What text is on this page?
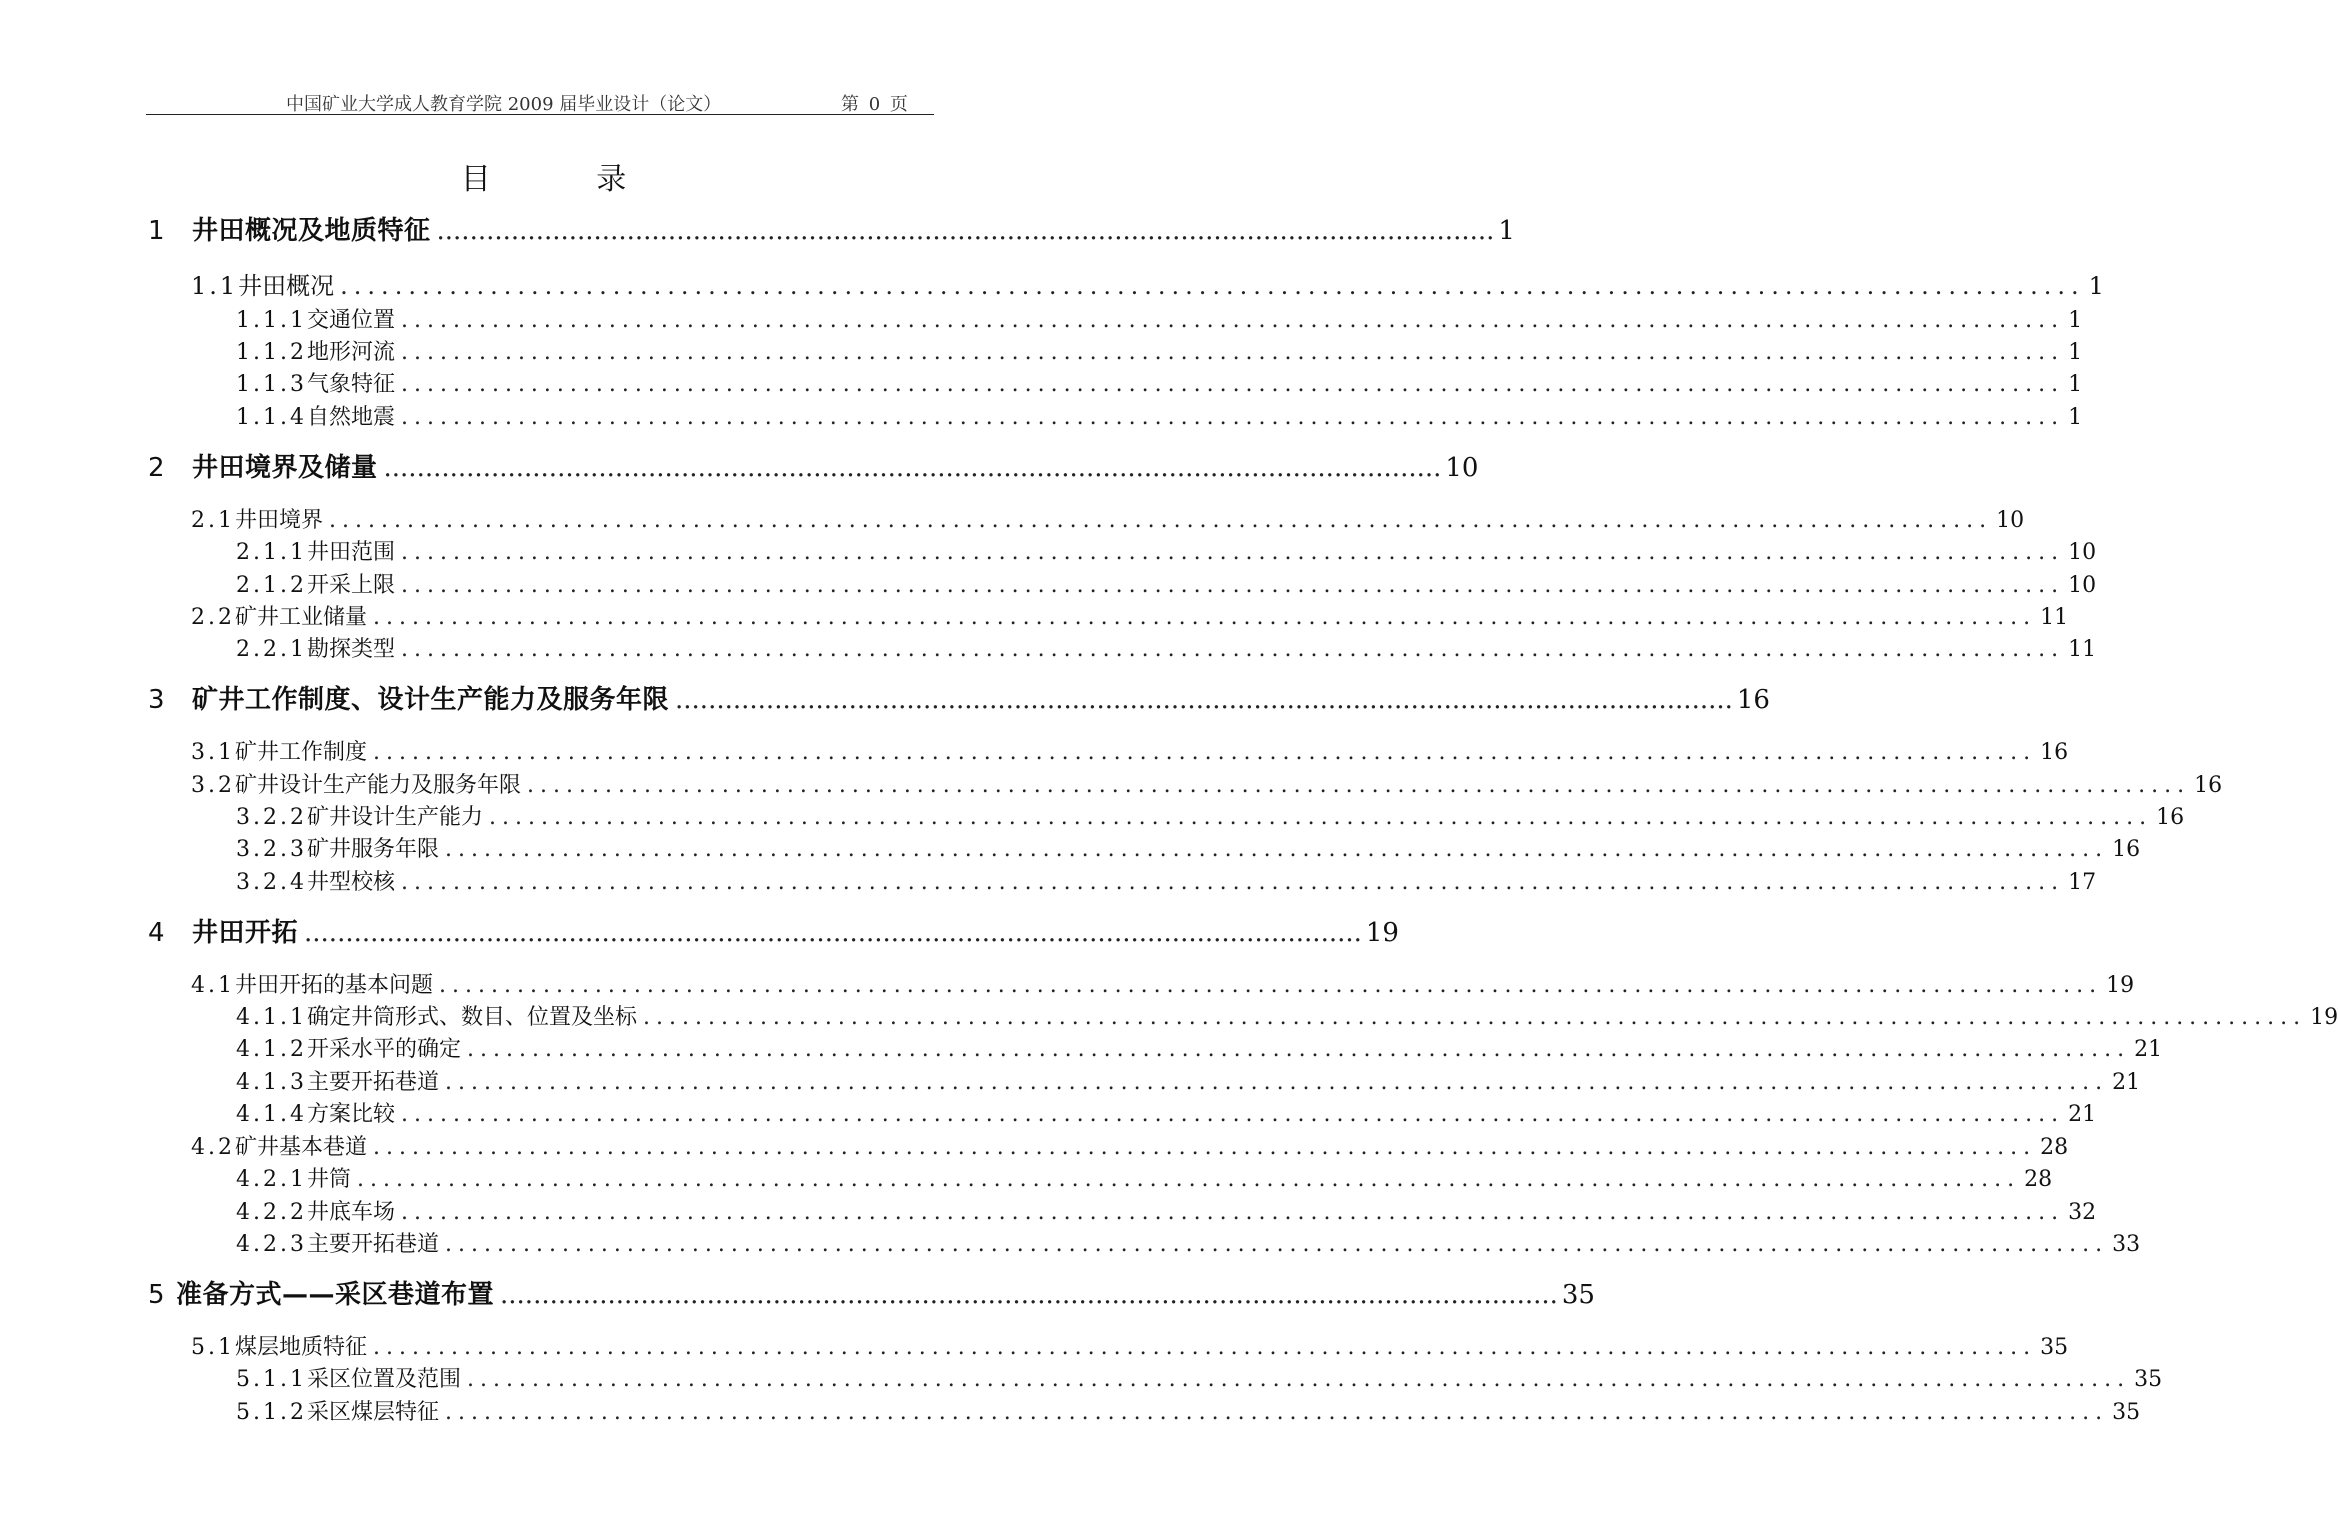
中国矿业大学成人教育学院 2009 届毕业设计（论文）	第 0 页
目 录
1 井田概况及地质特征 ................................................................................................................................ 1
1.1 井田概况 ................................................................................................................................ 1
1.1.1 交通位置 ................................................................................................................................ 1
1.1.2 地形河流 ................................................................................................................................ 1
1.1.3 气象特征 ................................................................................................................................ 1
1.1.4 自然地震 ................................................................................................................................ 1
2 井田境界及储量 ................................................................................................................................ 10
2.1 井田境界 ................................................................................................................................ 10
2.1.1 井田范围 ................................................................................................................................ 10
2.1.2 开采上限 ................................................................................................................................ 10
2.2 矿井工业储量 ................................................................................................................................ 11
2.2.1 勘探类型 ................................................................................................................................ 11
3 矿井工作制度、设计生产能力及服务年限 ................................................................................................................................ 16
3.1 矿井工作制度 ................................................................................................................................ 16
3.2 矿井设计生产能力及服务年限 ................................................................................................................................ 16
3.2.2 矿井设计生产能力 ................................................................................................................................ 16
3.2.3 矿井服务年限 ................................................................................................................................ 16
3.2.4 井型校核 ................................................................................................................................ 17
4 井田开拓 ................................................................................................................................ 19
4.1 井田开拓的基本问题 ................................................................................................................................ 19
4.1.1 确定井筒形式、数目、位置及坐标 ................................................................................................................................ 19
4.1.2 开采水平的确定 ................................................................................................................................ 21
4.1.3 主要开拓巷道 ................................................................................................................................ 21
4.1.4 方案比较 ................................................................................................................................ 21
4.2 矿井基本巷道 ................................................................................................................................ 28
4.2.1 井筒 ................................................................................................................................ 28
4.2.2 井底车场 ................................................................................................................................ 32
4.2.3 主要开拓巷道 ................................................................................................................................ 33
5 准备方式——采区巷道布置 ................................................................................................................................ 35
5.1 煤层地质特征 ................................................................................................................................ 35
5.1.1 采区位置及范围 ................................................................................................................................ 35
5.1.2 采区煤层特征 ................................................................................................................................ 35
